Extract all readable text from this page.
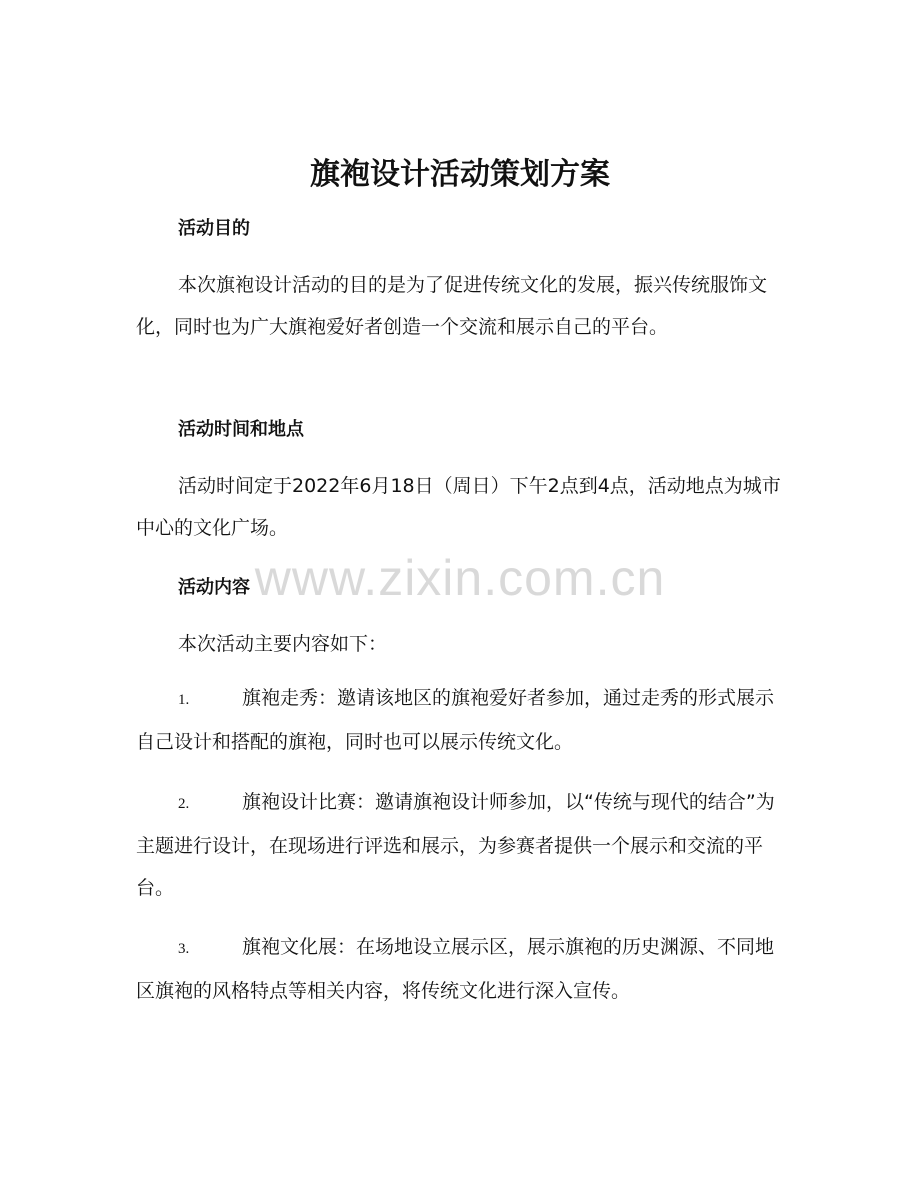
旗袍设计活动策划方案
活动目的

本次旗袍设计活动的目的是为了促进传统文化的发展，振兴传统服饰文化，同时也为广大旗袍爱好者创造一个交流和展示自己的平台。

活动时间和地点

活动时间定于2022年6月18日（周日）下午2点到4点，活动地点为城市中心的文化广场。

活动内容

本次活动主要内容如下：

1.	旗袍走秀：邀请该地区的旗袍爱好者参加，通过走秀的形式展示自己设计和搭配的旗袍，同时也可以展示传统文化。

2.	旗袍设计比赛：邀请旗袍设计师参加，以“传统与现代的结合”为主题进行设计，在现场进行评选和展示，为参赛者提供一个展示和交流的平台。

3.	旗袍文化展：在场地设立展示区，展示旗袍的历史渊源、不同地区旗袍的风格特点等相关内容，将传统文化进行深入宣传。

www.zixin.com.cn
